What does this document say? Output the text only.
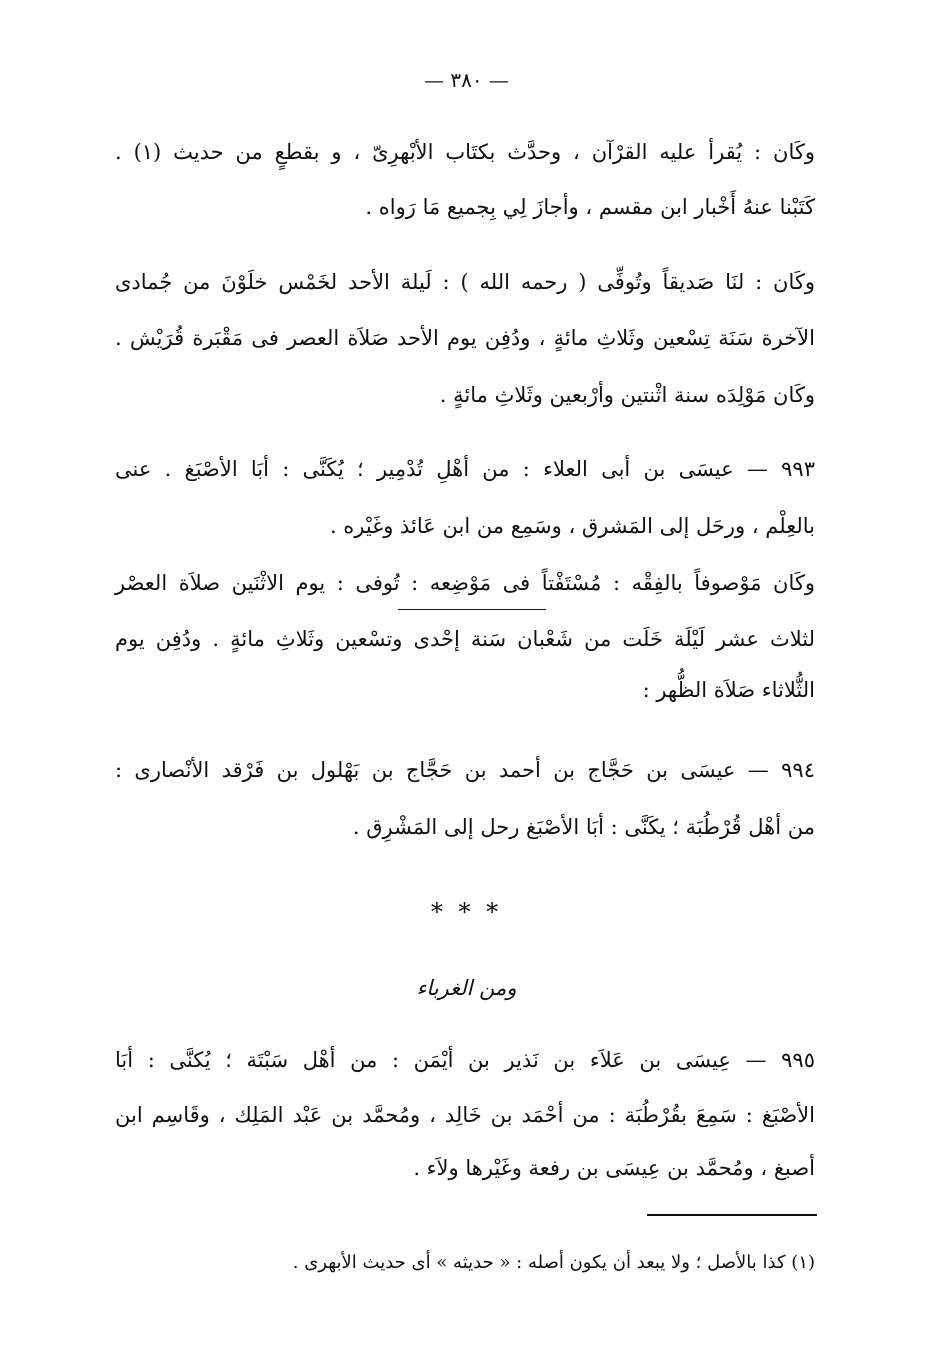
— ٣٨٠ —
وكَان : يُقرأ عليه القرْآن ، وحدَّث بكتَاب الأبْهرِىّ ، و بقطعٍ من حديث (١) .
كَتَبْنا عنهُ أَخْبار ابن مقسم ، وأجازَ لِي بِجميع مَا رَواه .
وكَان : لنَا صَديقاً وتُوفِّى ( رحمه الله ) : لَيلة الأحد لخَمْس خلَوْنَ من جُمادى
الآخرة سَنَة تِسْعين وثَلاثِ مائةٍ ، ودُفِن يوم الأحد صَلاَة العصر فى مَقْبَرة قُرَيْش .
وكَان مَوْلِدَه سنة اثْنتين وأرْبعين وثَلاثِ مائةٍ .
٩٩٣ — عيسَى بن أبى العلاء : من أهْلِ تُدْمِير ؛ يُكَنَّى : أبَا الأصْبَغ . عنى
بالعِلْم ، ورحَل إلى المَشرق ، وسَمِع من ابن عَائذ وغَيْره .
وكَان مَوْصوفاً بالفِقْه : مُسْتَفْتاً فى مَوْضِعه : تُوفى : يوم الاثْنَين صلاَة العصْر
لثلاث عشر لَيْلَة خَلَت من شَعْبان سَنة إحْدى وتسْعين وثَلاثِ مائةٍ . ودُفِن يوم
الثُّلاثاء صَلاَة الظُّهر :
٩٩٤ — عيسَى بن حَجَّاج بن أحمد بن حَجَّاج بن بَهْلول بن فَرْقد الأنْصارى :
من أهْل قُرْطُبَة ؛ يكَنَّى : أبَا الأصْبَغ رحل إلى المَشْرِق .
* * *
ومن الغرباء
٩٩٥ — عِيسَى بن عَلاَء بن نَذير بن أيْمَن : من أهْل سَبْتَة ؛ يُكنَّى : أبَا
الأصْبَغ : سَمِعَ بقُرْطُبَة : من أحْمَد بن خَالِد ، ومُحمَّد بن عَبْد المَلِك ، وقَاسِم ابن
أصبغ ، ومُحمَّد بن عِيسَى بن رفعة وغَيْرها ولاَء .
(١) كذا بالأصل ؛ ولا يبعد أن يكون أصله : « حديثه » أى حديث الأبهرى .
